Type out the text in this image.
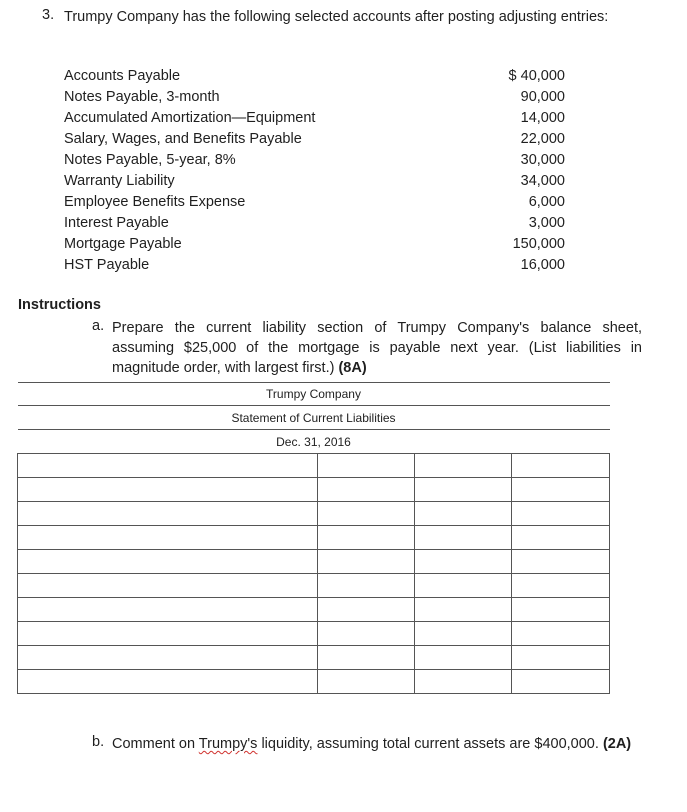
3. Trumpy Company has the following selected accounts after posting adjusting entries:
Accounts Payable	$ 40,000
Notes Payable, 3-month	90,000
Accumulated Amortization—Equipment	14,000
Salary, Wages, and Benefits Payable	22,000
Notes Payable, 5-year, 8%	30,000
Warranty Liability	34,000
Employee Benefits Expense	6,000
Interest Payable	3,000
Mortgage Payable	150,000
HST Payable	16,000
Instructions
a. Prepare the current liability section of Trumpy Company's balance sheet, assuming $25,000 of the mortgage is payable next year. (List liabilities in magnitude order, with largest first.) (8A)
Trumpy Company			
Statement of Current Liabilities			
Dec. 31, 2016			

b. Comment on Trumpy's liquidity, assuming total current assets are $400,000. (2A)
